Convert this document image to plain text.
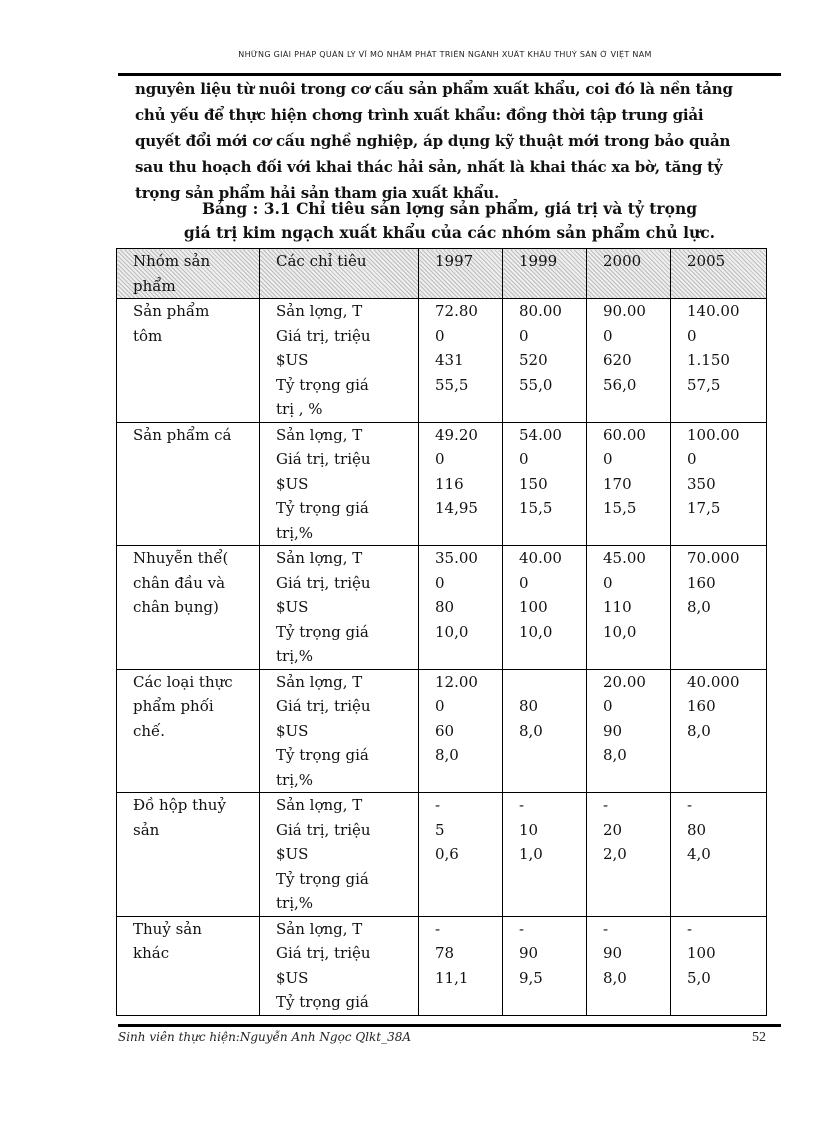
NHỮNG GIẢI PHÁP QUẢN LÝ VĨ MÔ NHẰM PHÁT TRIỂN NGÀNH XUẤT KHẨU THUỶ SẢN Ở VIỆT NAM
nguyên liệu từ nuôi trong cơ cấu sản phẩm xuất khẩu, coi đó là nền tảng
chủ yếu để thực hiện chơng trình xuất khẩu: đồng thời tập trung giải
quyết đổi mới cơ cấu nghề nghiệp, áp dụng kỹ thuật mới trong bảo quản
sau thu hoạch đối với khai thác hải sản, nhất là khai thác xa bờ, tăng tỷ
trọng sản phẩm hải sản tham gia xuất khẩu.
Bảng : 3.1 Chỉ tiêu sản lợng sản phẩm, giá trị và tỷ trọng
giá trị kim ngạch xuất khẩu của các nhóm sản phẩm chủ lực.
Nhóm sản
phẩm	Các chỉ tiêu	1997	1999	2000	2005

Sản phẩm
tôm	Sản lợng, T
Giá trị, triệu
$US
Tỷ trọng giá
trị , %	72.80
0
431
55,5	80.00
0
520
55,0	90.00
0
620
56,0	140.00
0
1.150
57,5

Sản phẩm cá	Sản lợng, T
Giá trị, triệu
$US
Tỷ trọng giá
trị,%	49.20
0
116
14,95	54.00
0
150
15,5	60.00
0
170
15,5	100.00
0
350
17,5

Nhuyễn thể(
chân đầu và
chân bụng)	Sản lợng, T
Giá trị, triệu
$US
Tỷ trọng giá
trị,%	35.00
0
80
10,0	40.00
0
100
10,0	45.00
0
110
10,0	70.000
160
8,0

Các loại thực
phẩm phối
chế.	Sản lợng, T
Giá trị, triệu
$US
Tỷ trọng giá
trị,%	12.00
0
60
8,0	80
8,0	20.00
0
90
8,0	40.000
160
8,0

Đồ hộp thuỷ
sản	Sản lợng, T
Giá trị, triệu
$US
Tỷ trọng giá
trị,%	-
5
0,6	-
10
1,0	-
20
2,0	-
80
4,0

Thuỷ sản
khác	Sản lợng, T
Giá trị, triệu
$US
Tỷ trọng giá	-
78
11,1	-
90
9,5	-
90
8,0	-
100
5,0
Sinh viên thực hiện:Nguyễn Anh Ngọc Qlkt_38A	52
